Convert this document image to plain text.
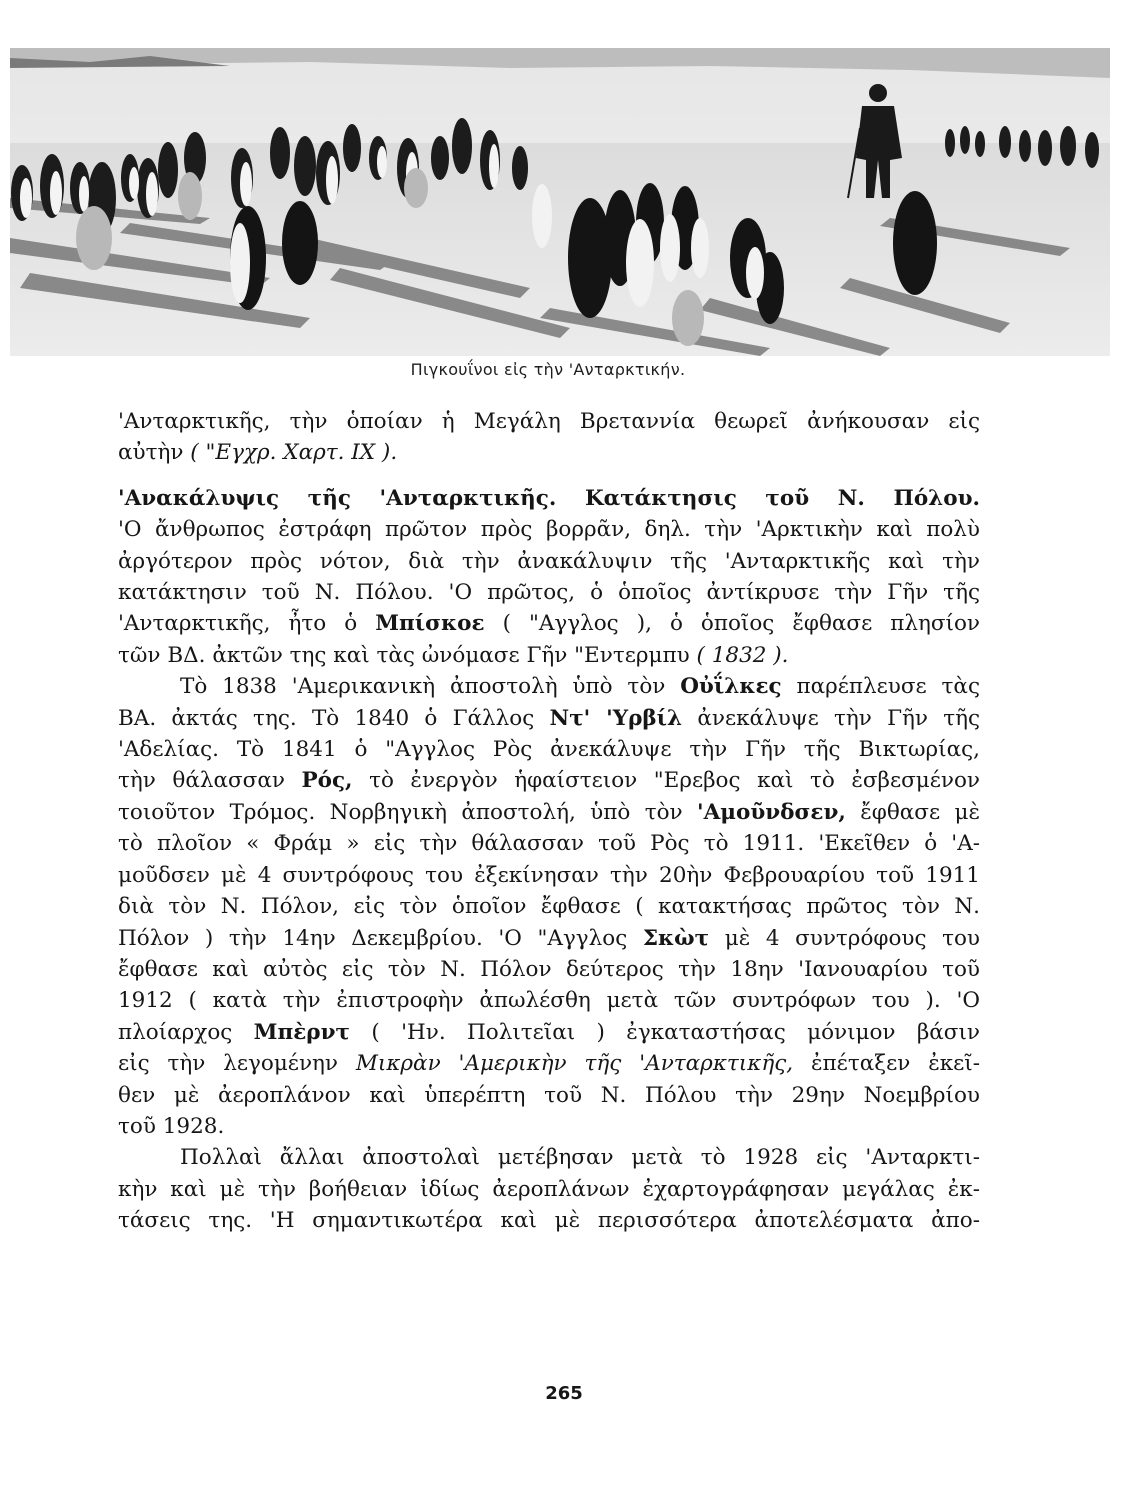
Πιγκουΐνοι εἰς τὴν 'Ανταρκτικήν.

'Ανταρκτικῆς, τὴν ὁποίαν ἡ Μεγάλη Βρεταννία θεωρεῖ ἀνήκουσαν εἰς

αὐτὴν ( "Εγχρ. Χαρτ. IX ).

'Ανακάλυψις τῆς 'Ανταρκτικῆς. Κατάκτησις τοῦ Ν. Πόλου.

'Ο ἄνθρωπος ἐστράφη πρῶτον πρὸς βορρᾶν, δηλ. τὴν 'Αρκτικὴν καὶ πολὺ

ἀργότερον πρὸς νότον, διὰ τὴν ἀνακάλυψιν τῆς 'Ανταρκτικῆς καὶ τὴν

κατάκτησιν τοῦ Ν. Πόλου. 'Ο πρῶτος, ὁ ὁποῖος ἀντίκρυσε τὴν Γῆν τῆς

'Ανταρκτικῆς, ἦτο ὁ Μπίσκοε ( "Αγγλος ), ὁ ὁποῖος ἔφθασε πλησίον

τῶν ΒΔ. ἀκτῶν της καὶ τὰς ὠνόμασε Γῆν "Εντερμπυ ( 1832 ).

Τὸ 1838 'Αμερικανικὴ ἀποστολὴ ὑπὸ τὸν Οὐΐλκες παρέπλευσε τὰς

ΒΑ. ἀκτάς της. Τὸ 1840 ὁ Γάλλος Ντ' 'Υρβίλ ἀνεκάλυψε τὴν Γῆν τῆς

'Αδελίας. Τὸ 1841 ὁ "Αγγλος Ρὸς ἀνεκάλυψε τὴν Γῆν τῆς Βικτωρίας,

τὴν θάλασσαν Ρός, τὸ ἐνεργὸν ἡφαίστειον "Ερεβος καὶ τὸ ἐσβεσμένον

τοιοῦτον Τρόμος. Νορβηγικὴ ἀποστολή, ὑπὸ τὸν 'Αμοῦνδσεν, ἔφθασε μὲ

τὸ πλοῖον « Φράμ » εἰς τὴν θάλασσαν τοῦ Ρὸς τὸ 1911. 'Εκεῖθεν ὁ 'Α-

μοῦδσεν μὲ 4 συντρόφους του ἐξεκίνησαν τὴν 20ὴν Φεβρουαρίου τοῦ 1911

διὰ τὸν Ν. Πόλον, εἰς τὸν ὁποῖον ἔφθασε ( κατακτήσας πρῶτος τὸν Ν.

Πόλον ) τὴν 14ην Δεκεμβρίου. 'Ο "Αγγλος Σκὼτ μὲ 4 συντρόφους του

ἔφθασε καὶ αὐτὸς εἰς τὸν Ν. Πόλον δεύτερος τὴν 18ην 'Ιανουαρίου τοῦ

1912 ( κατὰ τὴν ἐπιστροφὴν ἀπωλέσθη μετὰ τῶν συντρόφων του ). 'Ο

πλοίαρχος Μπὲρντ ( 'Ην. Πολιτεῖαι ) ἐγκαταστήσας μόνιμον βάσιν

εἰς τὴν λεγομένην Μικρὰν 'Αμερικὴν τῆς 'Ανταρκτικῆς, ἐπέταξεν ἐκεῖ-

θεν μὲ ἀεροπλάνον καὶ ὑπερέπτη τοῦ Ν. Πόλου τὴν 29ην Νοεμβρίου

τοῦ 1928.

Πολλαὶ ἄλλαι ἀποστολαὶ μετέβησαν μετὰ τὸ 1928 εἰς 'Ανταρκτι-

κὴν καὶ μὲ τὴν βοήθειαν ἰδίως ἀεροπλάνων ἐχαρτογράφησαν μεγάλας ἐκ-

τάσεις της. 'Η σημαντικωτέρα καὶ μὲ περισσότερα ἀποτελέσματα ἀπο-

265
